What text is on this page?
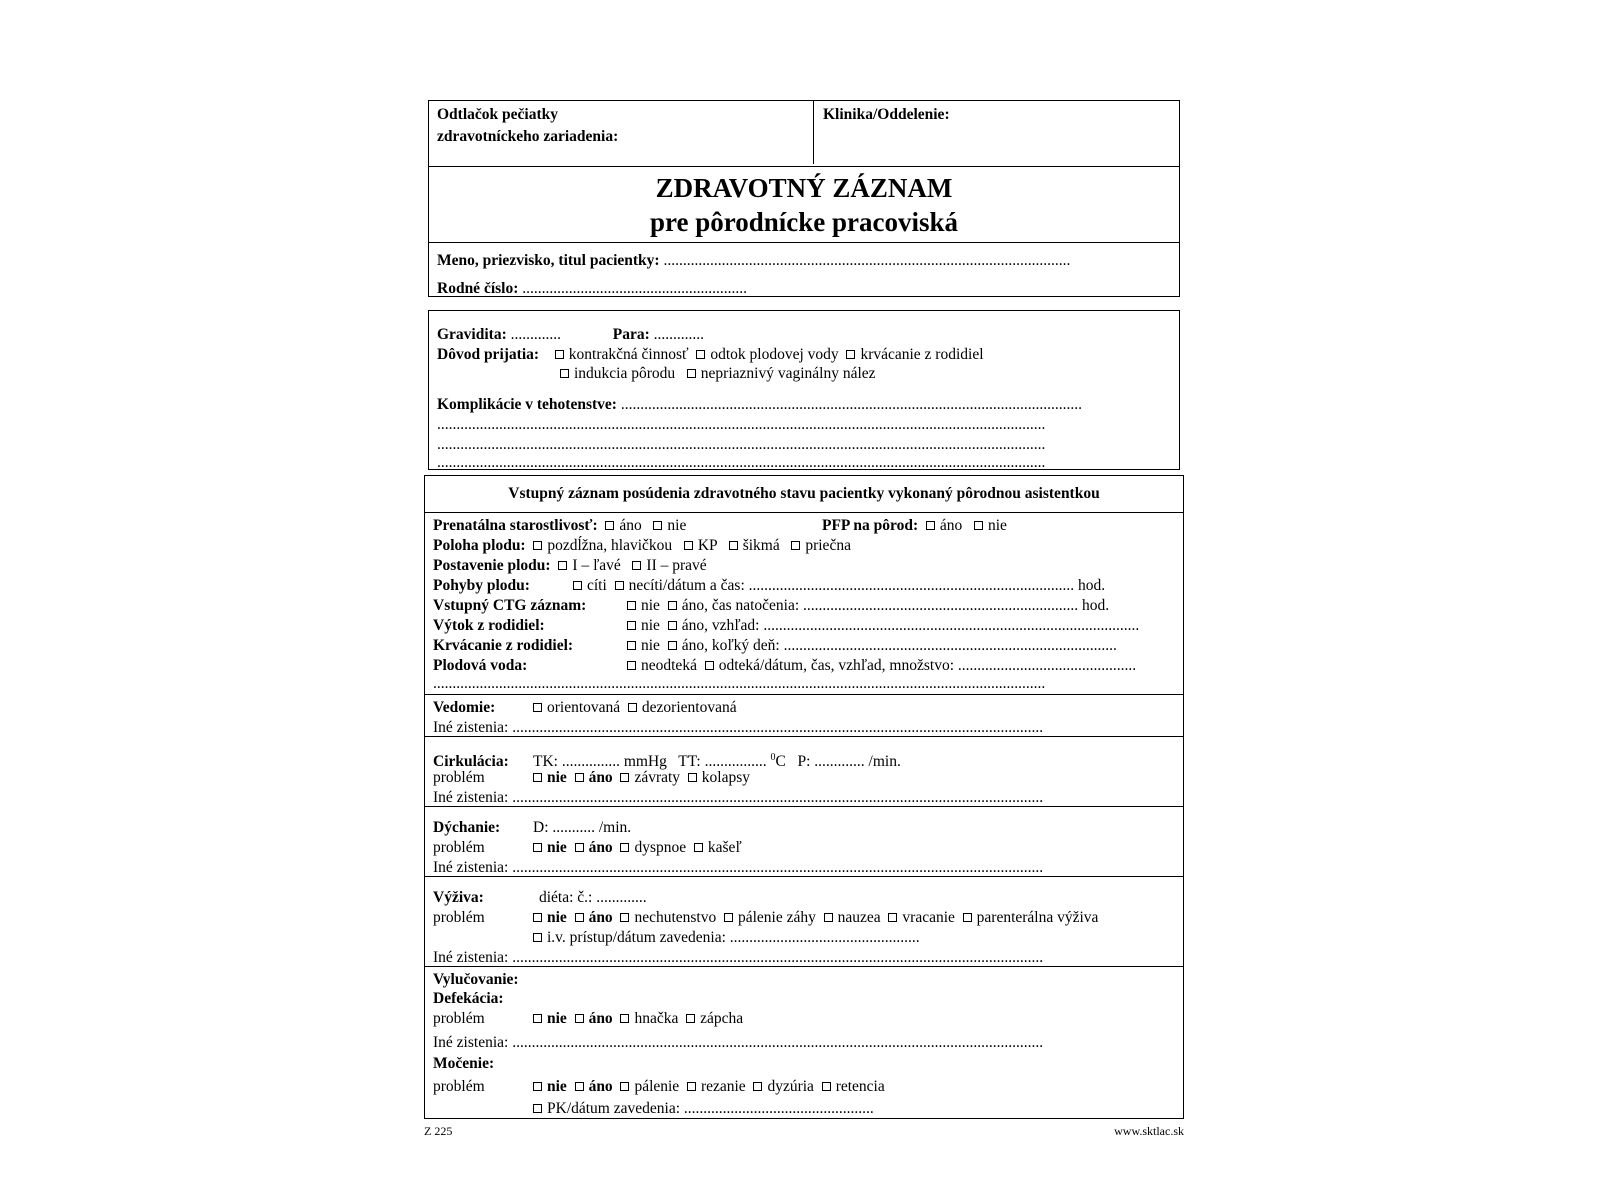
Odtlačok pečiatky
zdravotníckeho zariadenia:
Klinika/Oddelenie:
ZDRAVOTNÝ ZÁZNAM
pre pôrodnícke pracoviská
Meno, priezvisko, titul pacientky: .........................................................................................................
Rodné číslo: ..........................................................
Gravidita: .............	Para: .............
Dôvod prijatia: kontrakčná činnosť odtok plodovej vody krvácanie z rodidiel
indukcia pôrodu nepriaznivý vaginálny nález
Komplikácie v tehotenstve: .......................................................................................................................
.............................................................................................................................................................
.............................................................................................................................................................
.............................................................................................................................................................
Vstupný záznam posúdenia zdravotného stavu pacientky vykonaný pôrodnou asistentkou
Prenatálna starostlivosť: áno nie	PFP na pôrod: áno nie
Poloha plodu: pozdĺžna, hlavičkou KP šikmá priečna
Postavenie plodu: I – ľavé II – pravé
Pohyby plodu:	cíti necíti/dátum a čas: .................................................................................... hod.
Vstupný CTG záznam:	nie áno, čas natočenia: ....................................................................... hod.
Výtok z rodidiel:	nie áno, vzhľad: .................................................................................................
Krvácanie z rodidiel:	nie áno, koľký deň: ......................................................................................
Plodová voda:	neodteká odteká/dátum, čas, vzhľad, množstvo: ..............................................
..............................................................................................................................................................
Vedomie:	orientovaná dezorientovaná
Iné zistenia: .........................................................................................................................................
Cirkulácia: TK: ............... mmHg TT: ................ $^0$C P: ............. /min.
problém	nie áno závraty kolapsy
Iné zistenia: .........................................................................................................................................
Dýchanie: D: ........... /min.
problém	nie áno dyspnoe kašeľ
Iné zistenia: .........................................................................................................................................
Výživa:	diéta: č.: .............
problém	nie áno nechutenstvo pálenie záhy nauzea vracanie parenterálna výživa
i.v. prístup/dátum zavedenia: .................................................
Iné zistenia: .........................................................................................................................................
Vylučovanie:
Defekácia:
problém	nie áno hnačka zápcha
Iné zistenia: .........................................................................................................................................
Močenie:
problém	nie áno pálenie rezanie dyzúria retencia
PK/dátum zavedenia: .................................................
Z 225	www.sktlac.sk
